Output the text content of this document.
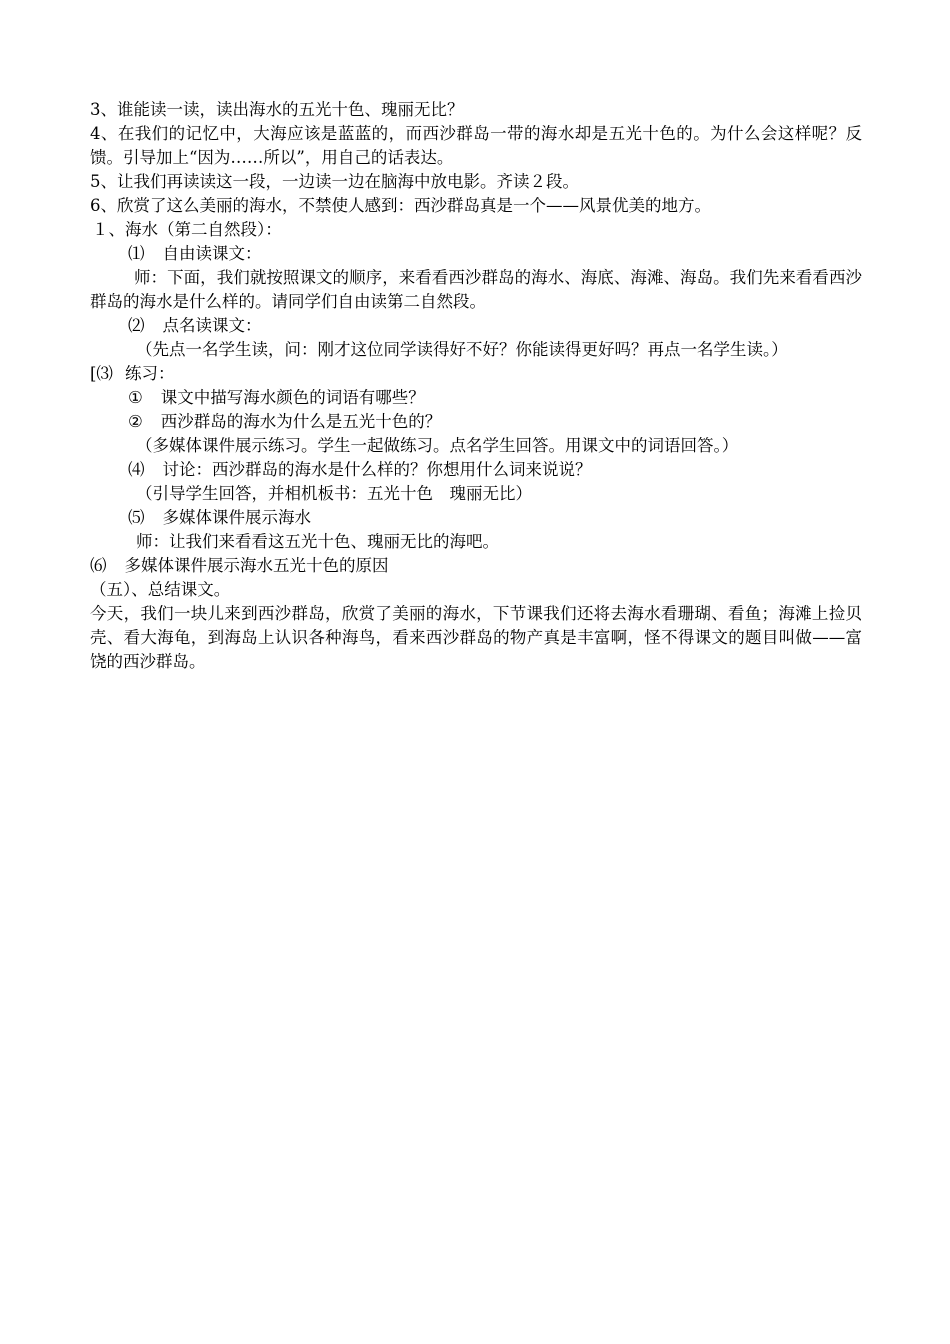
3、谁能读一读，读出海水的五光十色、瑰丽无比？
4、在我们的记忆中，大海应该是蓝蓝的，而西沙群岛一带的海水却是五光十色的。为什么会这样呢？反馈。引导加上“因为……所以”，用自己的话表达。
5、让我们再读读这一段，一边读一边在脑海中放电影。齐读２段。
6、欣赏了这么美丽的海水，不禁使人感到：西沙群岛真是一个——风景优美的地方。
１、海水（第二自然段）：
⑴ 自由读课文：
师：下面，我们就按照课文的顺序，来看看西沙群岛的海水、海底、海滩、海岛。我们先来看看西沙群岛的海水是什么样的。请同学们自由读第二自然段。
⑵ 点名读课文：
（先点一名学生读，问：刚才这位同学读得好不好？你能读得更好吗？再点一名学生读。）
[⑶ 练习：
① 课文中描写海水颜色的词语有哪些？
② 西沙群岛的海水为什么是五光十色的？
（多媒体课件展示练习。学生一起做练习。点名学生回答。用课文中的词语回答。）
⑷ 讨论：西沙群岛的海水是什么样的？你想用什么词来说说？
（引导学生回答，并相机板书：五光十色　瑰丽无比）
⑸ 多媒体课件展示海水
师：让我们来看看这五光十色、瑰丽无比的海吧。
⑹ 多媒体课件展示海水五光十色的原因
（五）、总结课文。
今天，我们一块儿来到西沙群岛，欣赏了美丽的海水，下节课我们还将去海水看珊瑚、看鱼；海滩上捡贝壳、看大海龟，到海岛上认识各种海鸟，看来西沙群岛的物产真是丰富啊，怪不得课文的题目叫做——富饶的西沙群岛。
